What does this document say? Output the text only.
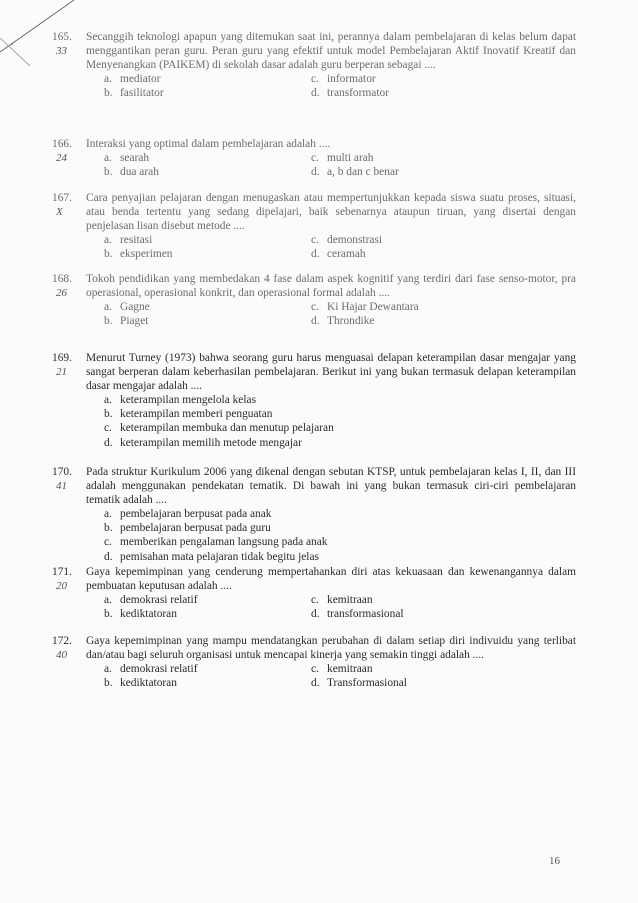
165.
33
Secanggih teknologi apapun yang ditemukan saat ini, perannya dalam pembelajaran di kelas belum dapat menggantikan peran guru. Peran guru yang efektif untuk model Pembelajaran Aktif Inovatif Kreatif dan Menyenangkan (PAIKEM) di sekolah dasar adalah guru berperan sebagai ....
a. mediator	c. informator
b. fasilitator	d. transformator
166.
24
Interaksi yang optimal dalam pembelajaran adalah ....
a. searah	c. multi arah
b. dua arah	d. a, b dan c benar
167.
X
Cara penyajian pelajaran dengan menugaskan atau mempertunjukkan kepada siswa suatu proses, situasi, atau benda tertentu yang sedang dipelajari, baik sebenarnya ataupun tiruan, yang disertai dengan penjelasan lisan disebut metode ....
a. resitasi	c. demonstrasi
b. eksperimen	d. ceramah
168.
26
Tokoh pendidikan yang membedakan 4 fase dalam aspek kognitif yang terdiri dari fase senso-motor, pra operasional, operasional konkrit, dan operasional formal adalah ....
a. Gagne	c. Ki Hajar Dewantara
b. Piaget	d. Throndike
169.
21
Menurut Turney (1973) bahwa seorang guru harus menguasai delapan keterampilan dasar mengajar yang sangat berperan dalam keberhasilan pembelajaran. Berikut ini yang bukan termasuk delapan keterampilan dasar mengajar adalah ....
a. keterampilan mengelola kelas
b. keterampilan memberi penguatan
c. keterampilan membuka dan menutup pelajaran
d. keterampilan memilih metode mengajar
170.
41
Pada struktur Kurikulum 2006 yang dikenal dengan sebutan KTSP, untuk pembelajaran kelas I, II, dan III adalah menggunakan pendekatan tematik. Di bawah ini yang bukan termasuk ciri-ciri pembelajaran tematik adalah ....
a. pembelajaran berpusat pada anak
b. pembelajaran berpusat pada guru
c. memberikan pengalaman langsung pada anak
d. pemisahan mata pelajaran tidak begitu jelas
171.
20
Gaya kepemimpinan yang cenderung mempertahankan diri atas kekuasaan dan kewenangannya dalam pembuatan keputusan adalah ....
a. demokrasi relatif	c. kemitraan
b. kediktatoran	d. transformasional
172.
40
Gaya kepemimpinan yang mampu mendatangkan perubahan di dalam setiap diri indivuidu yang terlibat dan/atau bagi seluruh organisasi untuk mencapai kinerja yang semakin tinggi adalah ....
a. demokrasi relatif	c. kemitraan
b. kediktatoran	d. Transformasional
16
